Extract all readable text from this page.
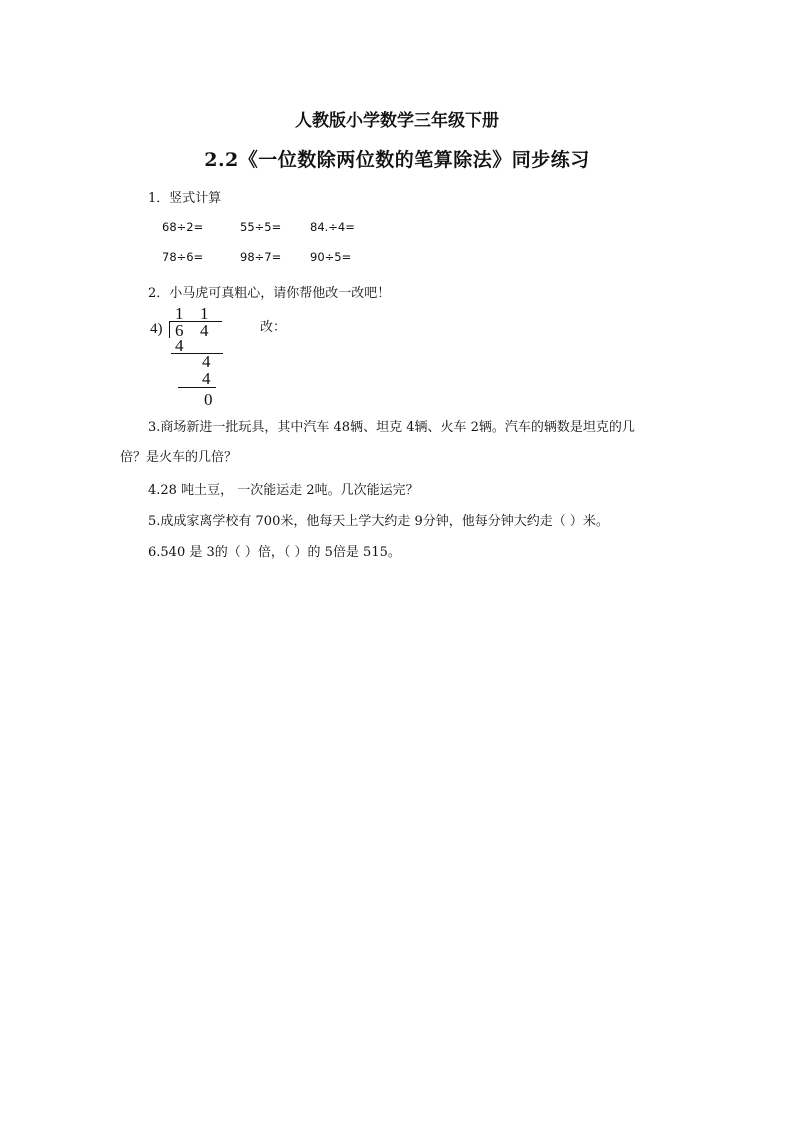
人教版小学数学三年级下册
2.2《一位数除两位数的笔算除法》同步练习
1．竖式计算
68÷2=	55÷5=	84.÷4=
78÷6=	98÷7=	90÷5=
2．小马虎可真粗心，请你帮他改一改吧！
1 1
4) 6 4
4
4
4
0
改：
3.商场新进一批玩具，其中汽车 48辆、坦克 4辆、火车 2辆。汽车的辆数是坦克的几
倍？是火车的几倍？
4.28 吨土豆， 一次能运走 2吨。几次能运完？
5.成成家离学校有 700米，他每天上学大约走 9分钟，他每分钟大约走（ ）米。
6.540 是 3的（ ）倍，（ ）的 5倍是 515。
